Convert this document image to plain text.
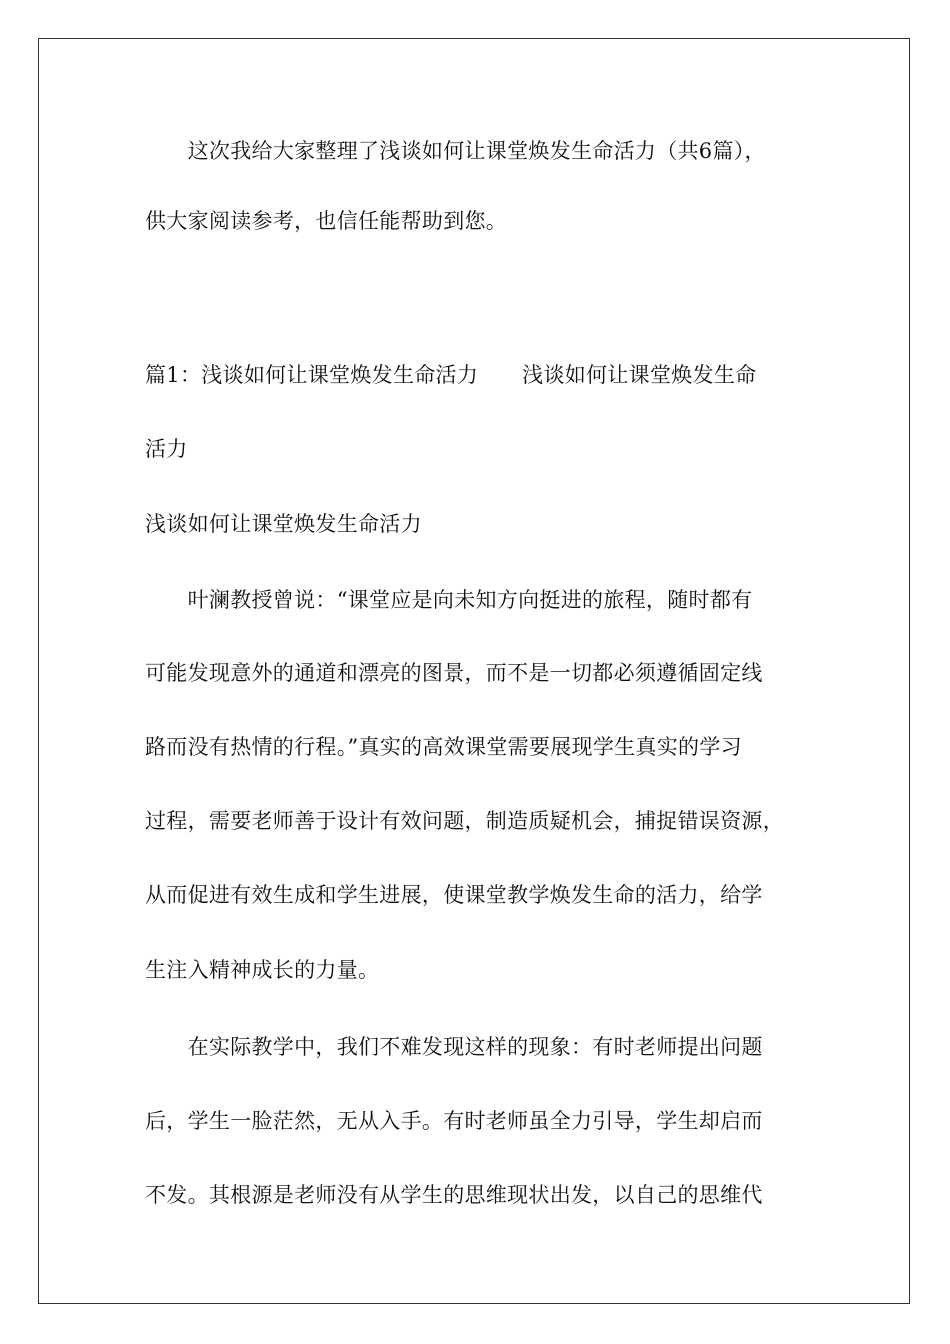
　　这次我给大家整理了浅谈如何让课堂焕发生命活力（共6篇），
供大家阅读参考，也信任能帮助到您。
篇1：浅谈如何让课堂焕发生命活力 浅谈如何让课堂焕发生命
活力
浅谈如何让课堂焕发生命活力
　　叶澜教授曾说：“课堂应是向未知方向挺进的旅程，随时都有
可能发现意外的通道和漂亮的图景，而不是一切都必须遵循固定线
路而没有热情的行程。”真实的高效课堂需要展现学生真实的学习
过程，需要老师善于设计有效问题，制造质疑机会，捕捉错误资源，
从而促进有效生成和学生进展，使课堂教学焕发生命的活力，给学
生注入精神成长的力量。
　　在实际教学中，我们不难发现这样的现象：有时老师提出问题
后，学生一脸茫然，无从入手。有时老师虽全力引导，学生却启而
不发。其根源是老师没有从学生的思维现状出发，以自己的思维代
